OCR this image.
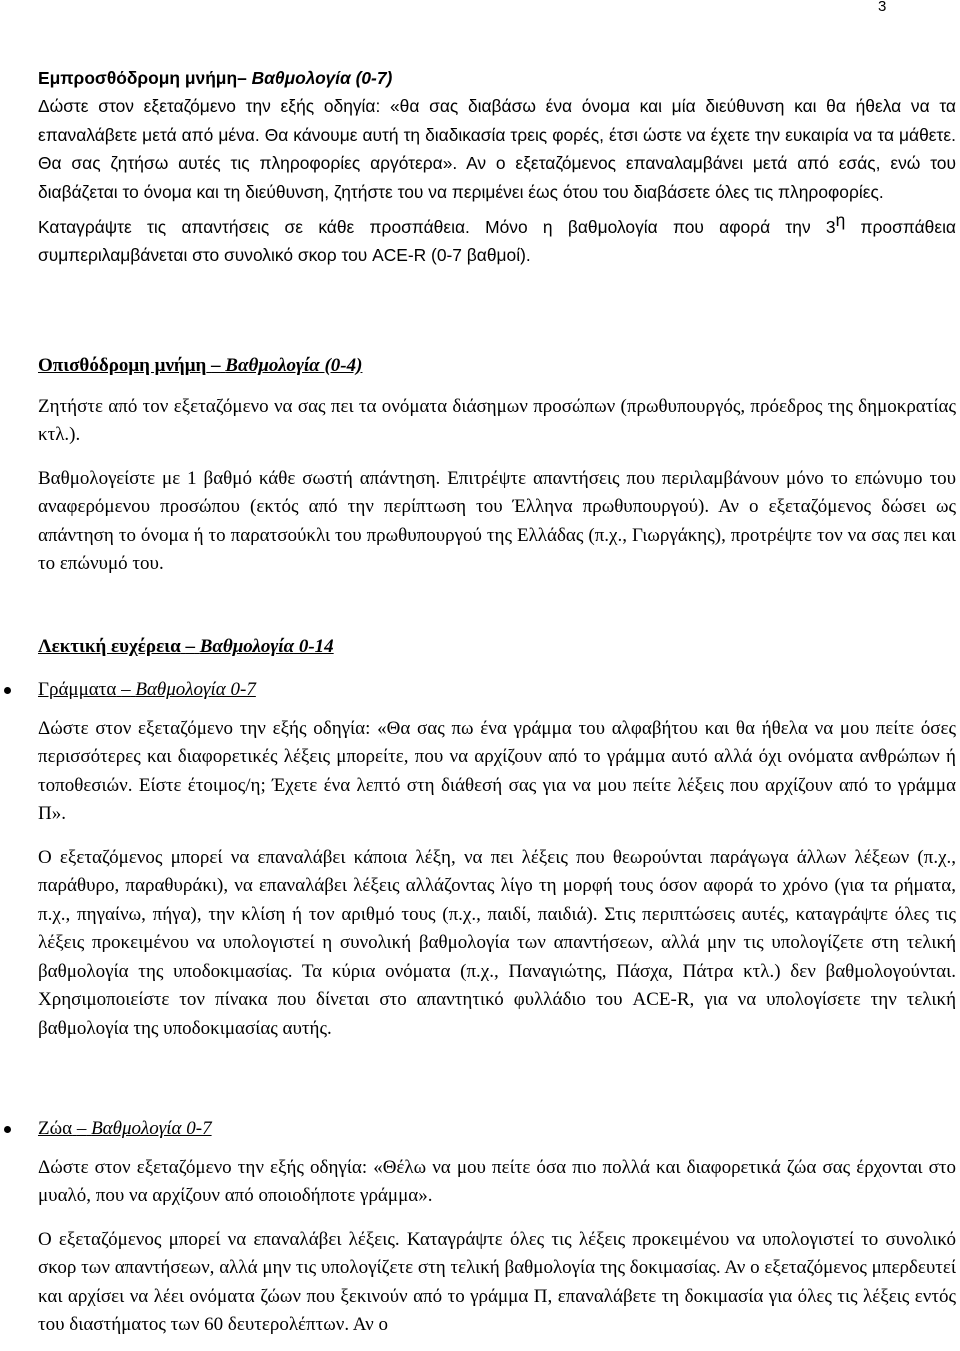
3

Εμπροσθόδρομη μνήμη– Βαθμολογία (0-7)

Δώστε στον εξεταζόμενο την εξής οδηγία: «θα σας διαβάσω ένα όνομα και μία διεύθυνση και θα ήθελα να τα επαναλάβετε μετά από μένα. Θα κάνουμε αυτή τη διαδικασία τρεις φορές, έτσι ώστε να έχετε την ευκαιρία να τα μάθετε. Θα σας ζητήσω αυτές τις πληροφορίες αργότερα». Αν ο εξεταζόμενος επαναλαμβάνει μετά από εσάς, ενώ του διαβάζεται το όνομα και τη διεύθυνση, ζητήστε του να περιμένει έως ότου του διαβάσετε όλες τις πληροφορίες.

Καταγράψτε τις απαντήσεις σε κάθε προσπάθεια. Μόνο η βαθμολογία που αφορά την $3^\eta$ προσπάθεια συμπεριλαμβάνεται στο συνολικό σκορ του ACE-R (0-7 βαθμοί).

Οπισθόδρομη μνήμη – Βαθμολογία (0-4)

Ζητήστε από τον εξεταζόμενο να σας πει τα ονόματα διάσημων προσώπων (πρωθυπουργός, πρόεδρος της δημοκρατίας κτλ.).

Βαθμολογείστε με 1 βαθμό κάθε σωστή απάντηση. Επιτρέψτε απαντήσεις που περιλαμβάνουν μόνο το επώνυμο του αναφερόμενου προσώπου (εκτός από την περίπτωση του Έλληνα πρωθυπουργού). Αν ο εξεταζόμενος δώσει ως απάντηση το όνομα ή το παρατσούκλι του πρωθυπουργού της Ελλάδας (π.χ., Γιωργάκης), προτρέψτε τον να σας πει και το επώνυμό του.

Λεκτική ευχέρεια – Βαθμολογία 0-14

Γράμματα – Βαθμολογία 0-7

Δώστε στον εξεταζόμενο την εξής οδηγία: «Θα σας πω ένα γράμμα του αλφαβήτου και θα ήθελα να μου πείτε όσες περισσότερες και διαφορετικές λέξεις μπορείτε, που να αρχίζουν από το γράμμα αυτό αλλά όχι ονόματα ανθρώπων ή τοποθεσιών. Είστε έτοιμος/η; Έχετε ένα λεπτό στη διάθεσή σας για να μου πείτε λέξεις που αρχίζουν από το γράμμα Π».

Ο εξεταζόμενος μπορεί να επαναλάβει κάποια λέξη, να πει λέξεις που θεωρούνται παράγωγα άλλων λέξεων (π.χ., παράθυρο, παραθυράκι), να επαναλάβει λέξεις αλλάζοντας λίγο τη μορφή τους όσον αφορά το χρόνο (για τα ρήματα, π.χ., πηγαίνω, πήγα), την κλίση ή τον αριθμό τους (π.χ., παιδί, παιδιά). Στις περιπτώσεις αυτές, καταγράψτε όλες τις λέξεις προκειμένου να υπολογιστεί η συνολική βαθμολογία των απαντήσεων, αλλά μην τις υπολογίζετε στη τελική βαθμολογία της υποδοκιμασίας. Τα κύρια ονόματα (π.χ., Παναγιώτης, Πάσχα, Πάτρα κτλ.) δεν βαθμολογούνται. Χρησιμοποιείστε τον πίνακα που δίνεται στο απαντητικό φυλλάδιο του ACE-R, για να υπολογίσετε την τελική βαθμολογία της υποδοκιμασίας αυτής.

Ζώα – Βαθμολογία 0-7

Δώστε στον εξεταζόμενο την εξής οδηγία: «Θέλω να μου πείτε όσα πιο πολλά και διαφορετικά ζώα σας έρχονται στο μυαλό, που να αρχίζουν από οποιοδήποτε γράμμα».

Ο εξεταζόμενος μπορεί να επαναλάβει λέξεις. Καταγράψτε όλες τις λέξεις προκειμένου να υπολογιστεί το συνολικό σκορ των απαντήσεων, αλλά μην τις υπολογίζετε στη τελική βαθμολογία της δοκιμασίας. Αν ο εξεταζόμενος μπερδευτεί και αρχίσει να λέει ονόματα ζώων που ξεκινούν από το γράμμα Π, επαναλάβετε τη δοκιμασία για όλες τις λέξεις εντός του διαστήματος των 60 δευτερολέπτων. Αν ο
